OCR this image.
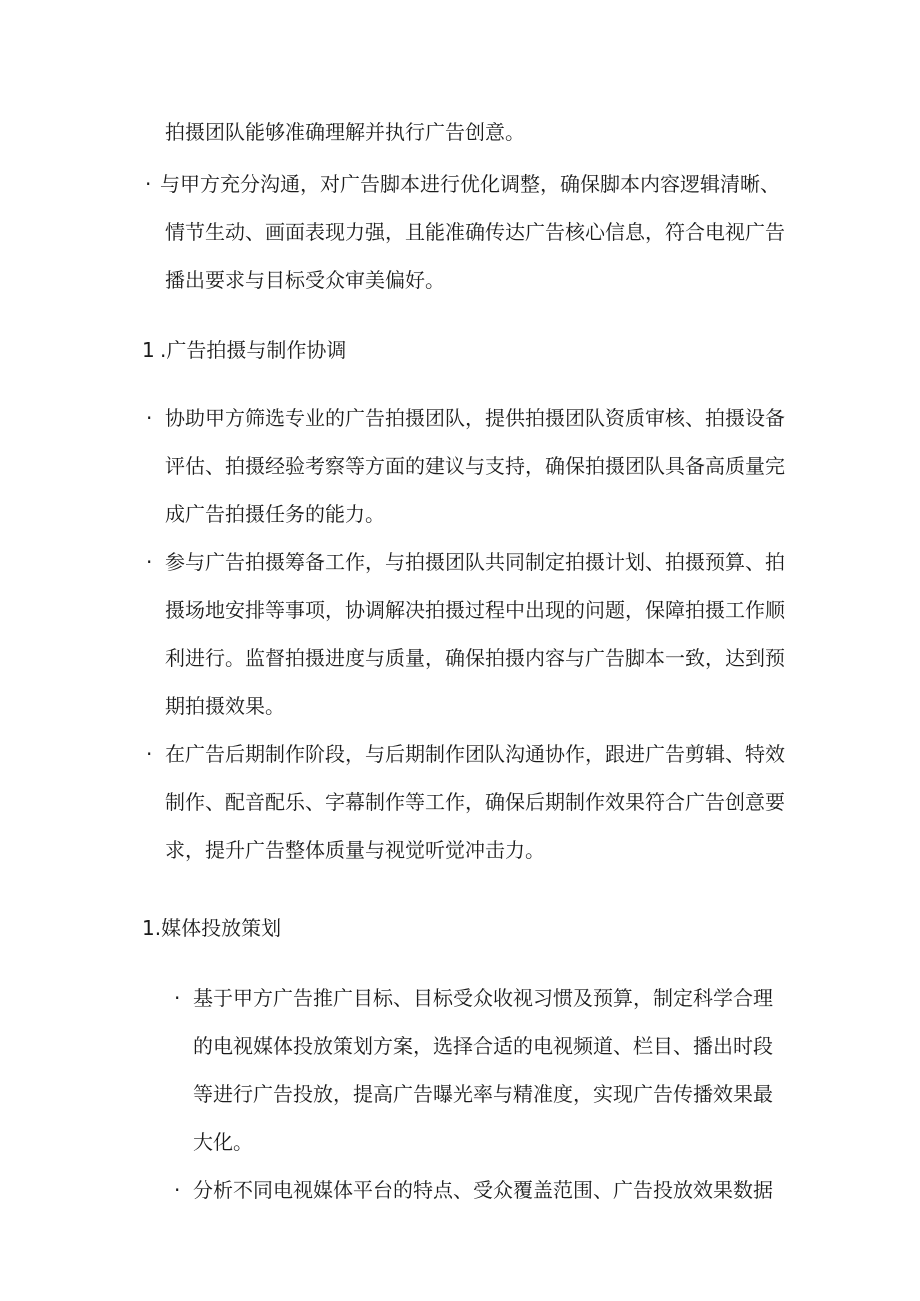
拍摄团队能够准确理解并执行广告创意。
· 与甲方充分沟通，对广告脚本进行优化调整，确保脚本内容逻辑清晰、
情节生动、画面表现力强，且能准确传达广告核心信息，符合电视广告
播出要求与目标受众审美偏好。
1 .广告拍摄与制作协调
· 协助甲方筛选专业的广告拍摄团队，提供拍摄团队资质审核、拍摄设备
评估、拍摄经验考察等方面的建议与支持，确保拍摄团队具备高质量完
成广告拍摄任务的能力。
· 参与广告拍摄筹备工作，与拍摄团队共同制定拍摄计划、拍摄预算、拍
摄场地安排等事项，协调解决拍摄过程中出现的问题，保障拍摄工作顺
利进行。监督拍摄进度与质量，确保拍摄内容与广告脚本一致，达到预
期拍摄效果。
· 在广告后期制作阶段，与后期制作团队沟通协作，跟进广告剪辑、特效
制作、配音配乐、字幕制作等工作，确保后期制作效果符合广告创意要
求，提升广告整体质量与视觉听觉冲击力。
1.媒体投放策划
· 基于甲方广告推广目标、目标受众收视习惯及预算，制定科学合理
的电视媒体投放策划方案，选择合适的电视频道、栏目、播出时段
等进行广告投放，提高广告曝光率与精准度，实现广告传播效果最
大化。
· 分析不同电视媒体平台的特点、受众覆盖范围、广告投放效果数据
